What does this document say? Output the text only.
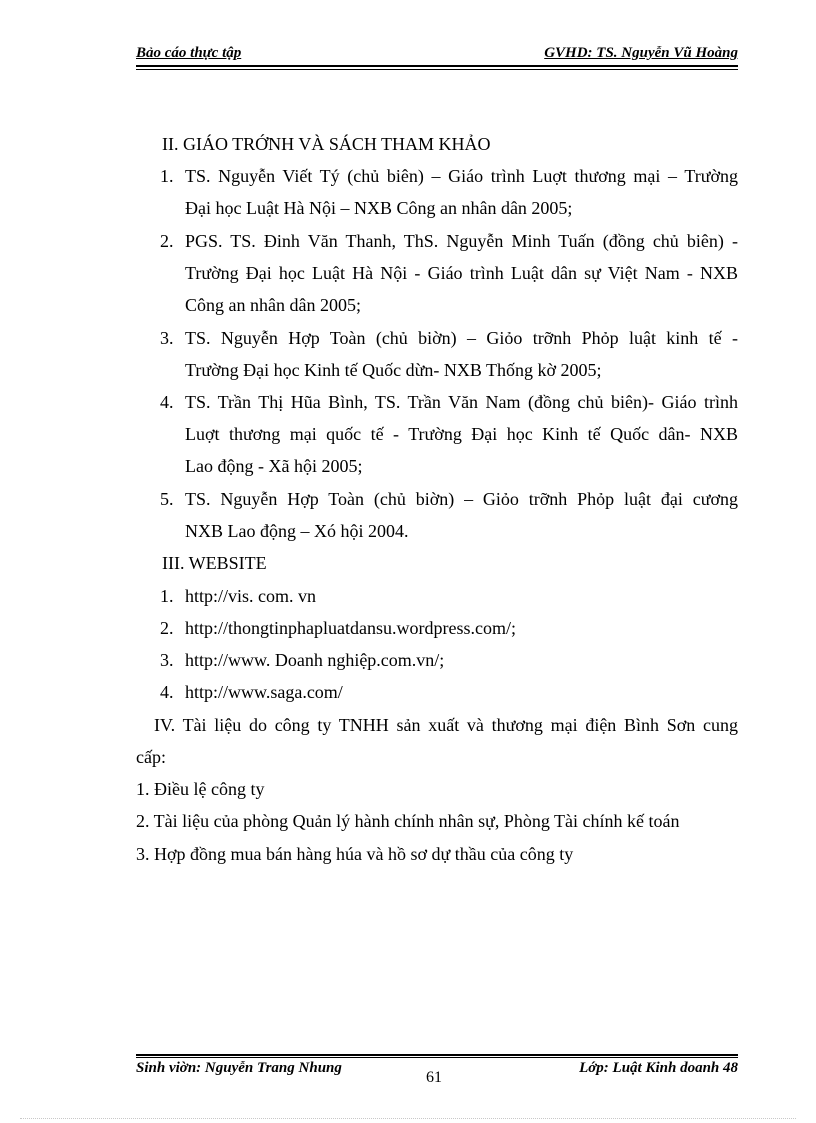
Bảo cáo thực tập	GVHD: TS. Nguyễn Vũ Hoàng
II. GIÁO TRỚNH VÀ SÁCH THAM KHẢO
1. TS. Nguyễn Viết Tý (chủ biên) – Giáo trình Luợt thương mại – Trường
Đại học Luật Hà Nội – NXB Công an nhân dân 2005;
2. PGS. TS. Đinh Văn Thanh, ThS. Nguyễn Minh Tuấn (đồng chủ biên) -
Trường Đại học Luật Hà Nội - Giáo trình Luật dân sự Việt Nam - NXB
Công an nhân dân 2005;
3. TS. Nguyễn Hợp Toàn (chủ biờn) – Giỏo trỡnh Phỏp luật kinh tế -
Trường Đại học Kinh tế Quốc dừn- NXB Thống kờ 2005;
4. TS. Trần Thị Hũa Bình, TS. Trần Văn Nam (đồng chủ biên)- Giáo trình
Luợt thương mại quốc tế - Trường Đại học Kinh tế Quốc dân- NXB
Lao động - Xã hội 2005;
5. TS. Nguyễn Hợp Toàn (chủ biờn) – Giỏo trỡnh Phỏp luật đại cương
NXB Lao động – Xó hội 2004.
III. WEBSITE
1. http://vis. com. vn
2. http://thongtinphapluatdansu.wordpress.com/;
3. http://www. Doanh nghiệp.com.vn/;
4. http://www.saga.com/
IV. Tài liệu do công ty TNHH sản xuất và thương mại điện Bình Sơn cung
cấp:
1. Điều lệ công ty
2. Tài liệu của phòng Quản lý hành chính nhân sự, Phòng Tài chính kế toán
3. Hợp đồng mua bán hàng húa và hồ sơ dự thầu của công ty
Sinh viờn: Nguyễn Trang Nhung
61
Lớp: Luật Kinh doanh 48
